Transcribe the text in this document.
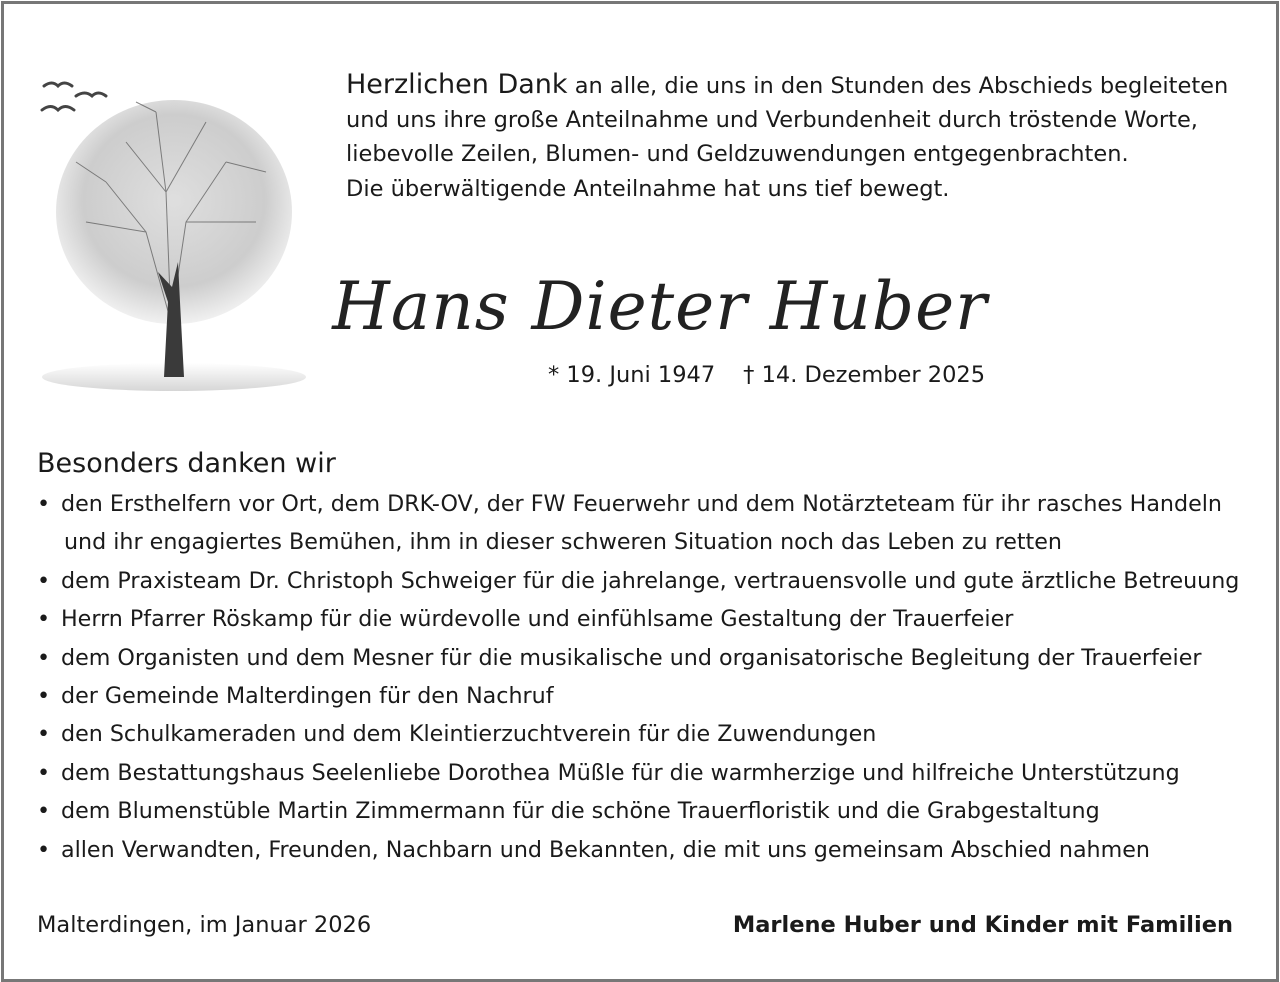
Herzlichen Dank an alle, die uns in den Stunden des Abschieds begleiteten
und uns ihre große Anteilnahme und Verbundenheit durch tröstende Worte,
liebevolle Zeilen, Blumen- und Geldzuwendungen entgegenbrachten.
Die überwältigende Anteilnahme hat uns tief bewegt.
Hans Dieter Huber
* 19. Juni 1947 † 14. Dezember 2025
Besonders danken wir
• den Ersthelfern vor Ort, dem DRK-OV, der FW Feuerwehr und dem Notärzteteam für ihr rasches Handeln
und ihr engagiertes Bemühen, ihm in dieser schweren Situation noch das Leben zu retten
• dem Praxisteam Dr. Christoph Schweiger für die jahrelange, vertrauensvolle und gute ärztliche Betreuung
• Herrn Pfarrer Röskamp für die würdevolle und einfühlsame Gestaltung der Trauerfeier
• dem Organisten und dem Mesner für die musikalische und organisatorische Begleitung der Trauerfeier
• der Gemeinde Malterdingen für den Nachruf
• den Schulkameraden und dem Kleintierzuchtverein für die Zuwendungen
• dem Bestattungshaus Seelenliebe Dorothea Müßle für die warmherzige und hilfreiche Unterstützung
• dem Blumenstüble Martin Zimmermann für die schöne Trauerfloristik und die Grabgestaltung
• allen Verwandten, Freunden, Nachbarn und Bekannten, die mit uns gemeinsam Abschied nahmen
Malterdingen, im Januar 2026	Marlene Huber und Kinder mit Familien
